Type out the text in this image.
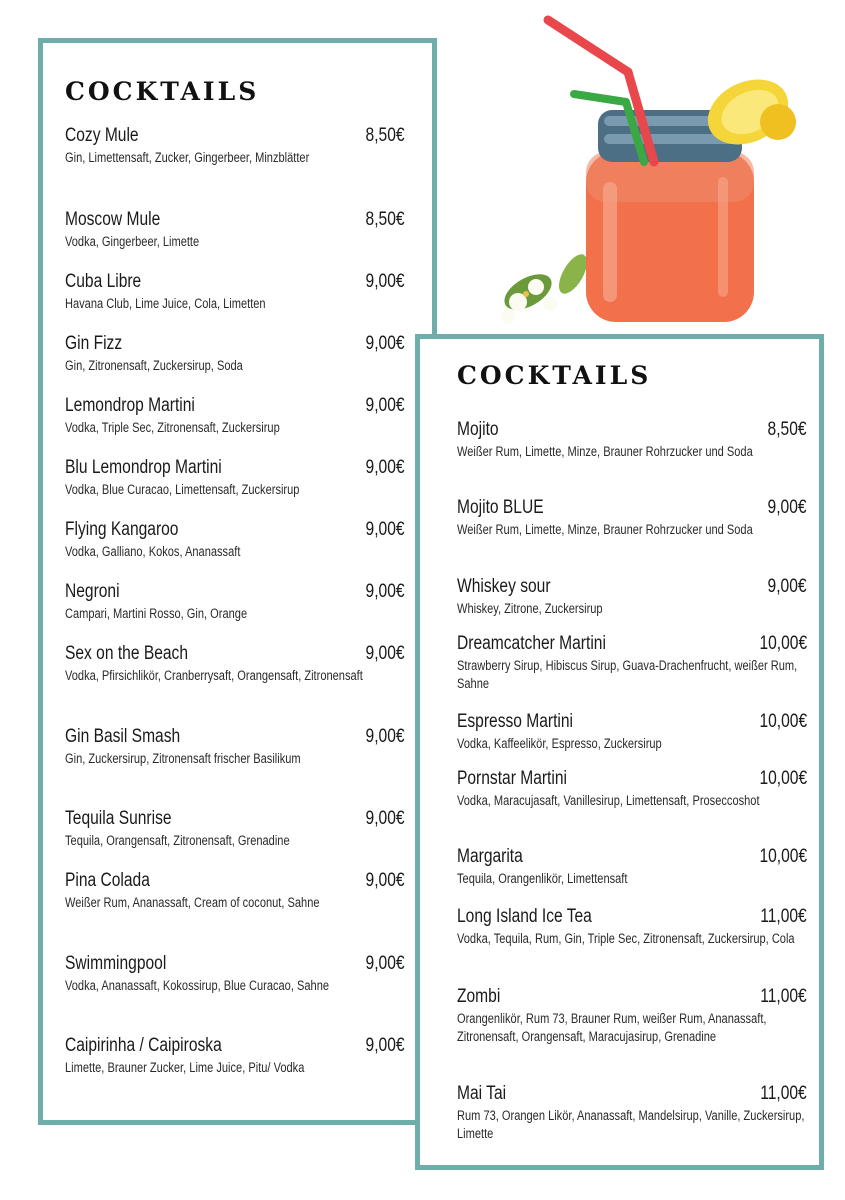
COCKTAILS
Cozy Mule	8,50€
Gin, Limettensaft, Zucker, Gingerbeer, Minzblätter
Moscow Mule	8,50€
Vodka, Gingerbeer, Limette
Cuba Libre	9,00€
Havana Club, Lime Juice, Cola, Limetten
Gin Fizz	9,00€
Gin, Zitronensaft, Zuckersirup, Soda
Lemondrop Martini	9,00€
Vodka, Triple Sec, Zitronensaft, Zuckersirup
Blu Lemondrop Martini	9,00€
Vodka, Blue Curacao, Limettensaft, Zuckersirup
Flying Kangaroo	9,00€
Vodka, Galliano, Kokos, Ananassaft
Negroni	9,00€
Campari, Martini Rosso, Gin, Orange
Sex on the Beach	9,00€
Vodka, Pfirsichlikör, Cranberrysaft, Orangensaft, Zitronensaft
Gin Basil Smash	9,00€
Gin, Zuckersirup, Zitronensaft frischer Basilikum
Tequila Sunrise	9,00€
Tequila, Orangensaft, Zitronensaft, Grenadine
Pina Colada	9,00€
Weißer Rum, Ananassaft, Cream of coconut, Sahne
Swimmingpool	9,00€
Vodka, Ananassaft, Kokossirup, Blue Curacao, Sahne
Caipirinha / Caipiroska	9,00€
Limette, Brauner Zucker, Lime Juice, Pitu/ Vodka
COCKTAILS
Mojito	8,50€
Weißer Rum, Limette, Minze, Brauner Rohrzucker und Soda
Mojito BLUE	9,00€
Weißer Rum, Limette, Minze, Brauner Rohrzucker und Soda
Whiskey sour	9,00€
Whiskey, Zitrone, Zuckersirup
Dreamcatcher Martini	10,00€
Strawberry Sirup, Hibiscus Sirup, Guava-Drachenfrucht, weißer Rum, Sahne
Espresso Martini	10,00€
Vodka, Kaffeelikör, Espresso, Zuckersirup
Pornstar Martini	10,00€
Vodka, Maracujasaft, Vanillesirup, Limettensaft, Proseccoshot
Margarita	10,00€
Tequila, Orangenlikör, Limettensaft
Long Island Ice Tea	11,00€
Vodka, Tequila, Rum, Gin, Triple Sec, Zitronensaft, Zuckersirup, Cola
Zombi	11,00€
Orangenlikör, Rum 73, Brauner Rum, weißer Rum, Ananassaft, Zitronensaft, Orangensaft, Maracujasirup, Grenadine
Mai Tai	11,00€
Rum 73, Orangen Likör, Ananassaft, Mandelsirup, Vanille, Zuckersirup, Limette
